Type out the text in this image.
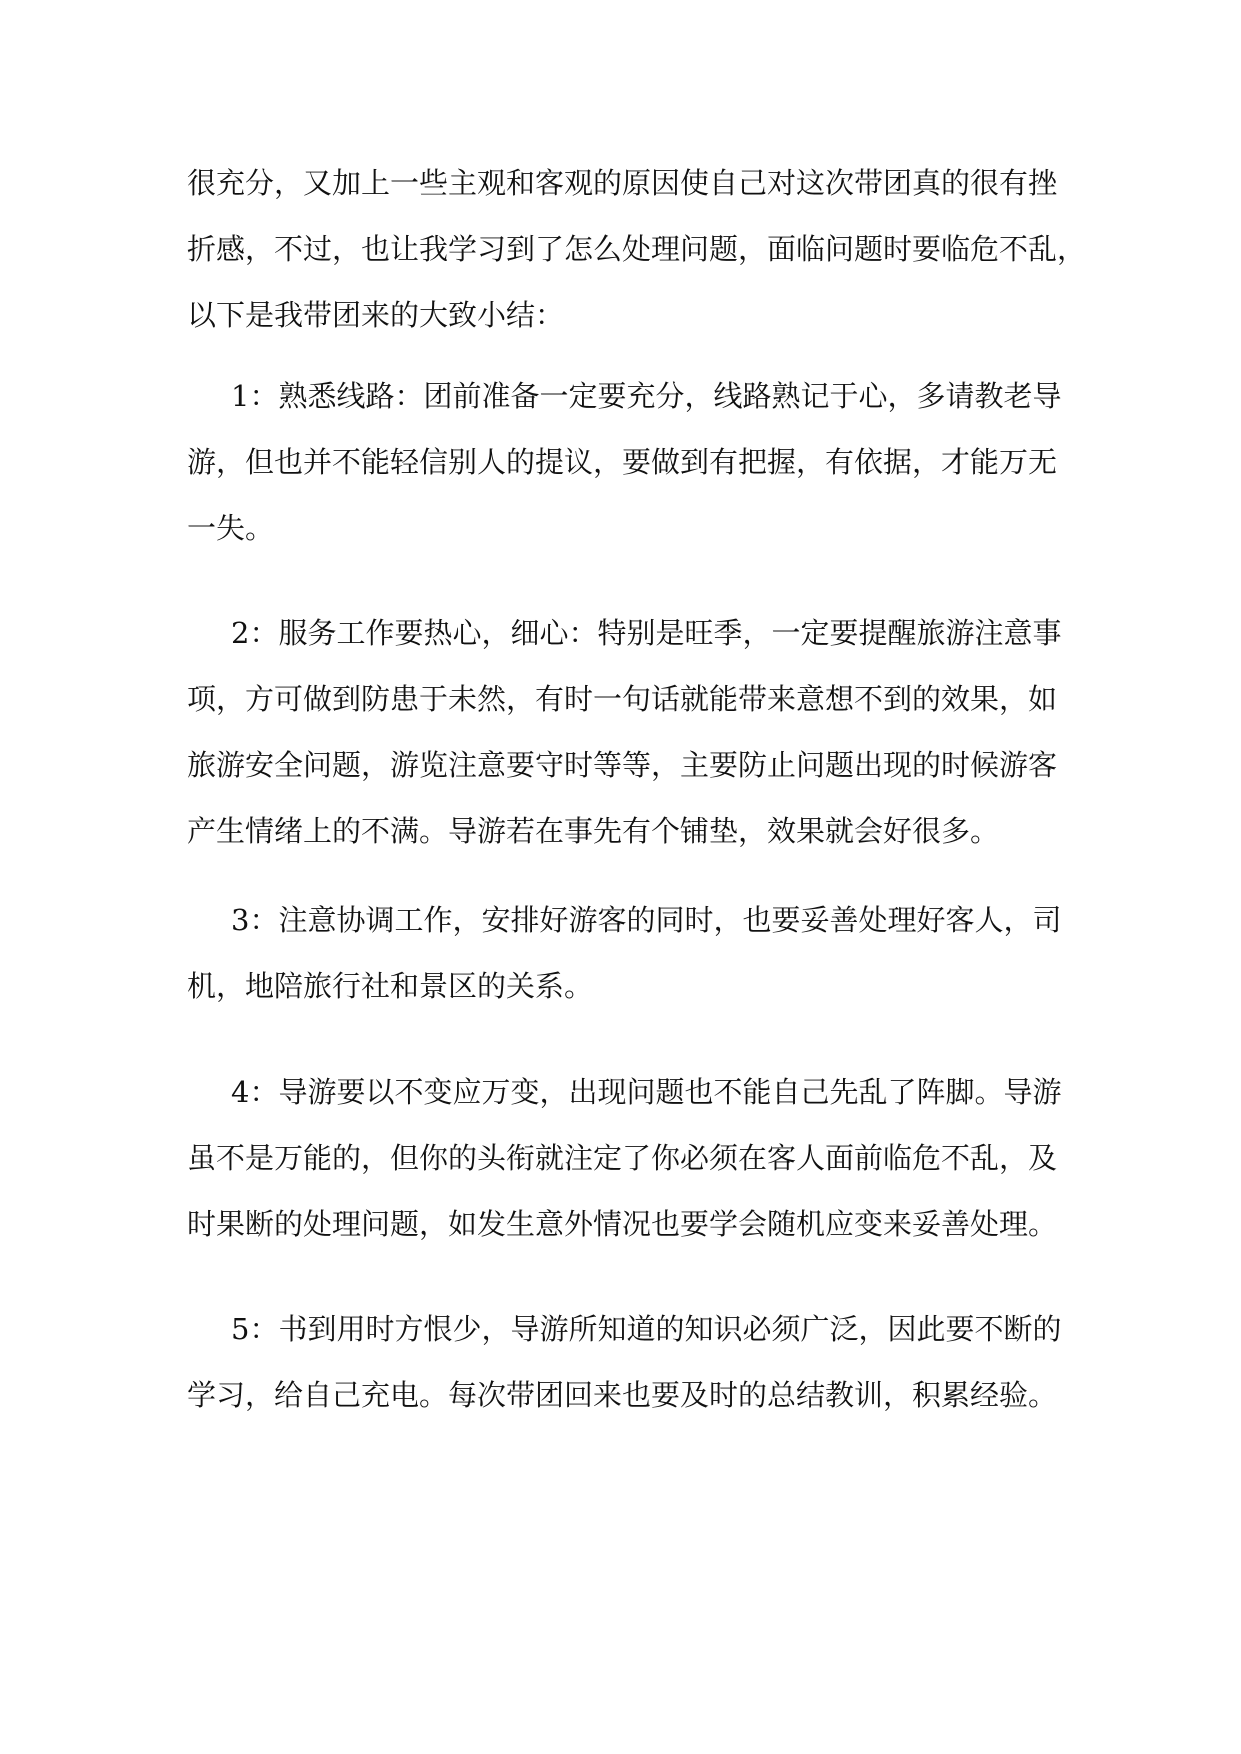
很充分，又加上一些主观和客观的原因使自己对这次带团真的很有挫
折感，不过，也让我学习到了怎么处理问题，面临问题时要临危不乱，
以下是我带团来的大致小结：
1：熟悉线路：团前准备一定要充分，线路熟记于心，多请教老导
游，但也并不能轻信别人的提议，要做到有把握，有依据，才能万无
一失。
2：服务工作要热心，细心：特别是旺季，一定要提醒旅游注意事
项，方可做到防患于未然，有时一句话就能带来意想不到的效果，如
旅游安全问题，游览注意要守时等等，主要防止问题出现的时候游客
产生情绪上的不满。导游若在事先有个铺垫，效果就会好很多。
3：注意协调工作，安排好游客的同时，也要妥善处理好客人，司
机，地陪旅行社和景区的关系。
4：导游要以不变应万变，出现问题也不能自己先乱了阵脚。导游
虽不是万能的，但你的头衔就注定了你必须在客人面前临危不乱，及
时果断的处理问题，如发生意外情况也要学会随机应变来妥善处理。
5：书到用时方恨少，导游所知道的知识必须广泛，因此要不断的
学习，给自己充电。每次带团回来也要及时的总结教训，积累经验。
